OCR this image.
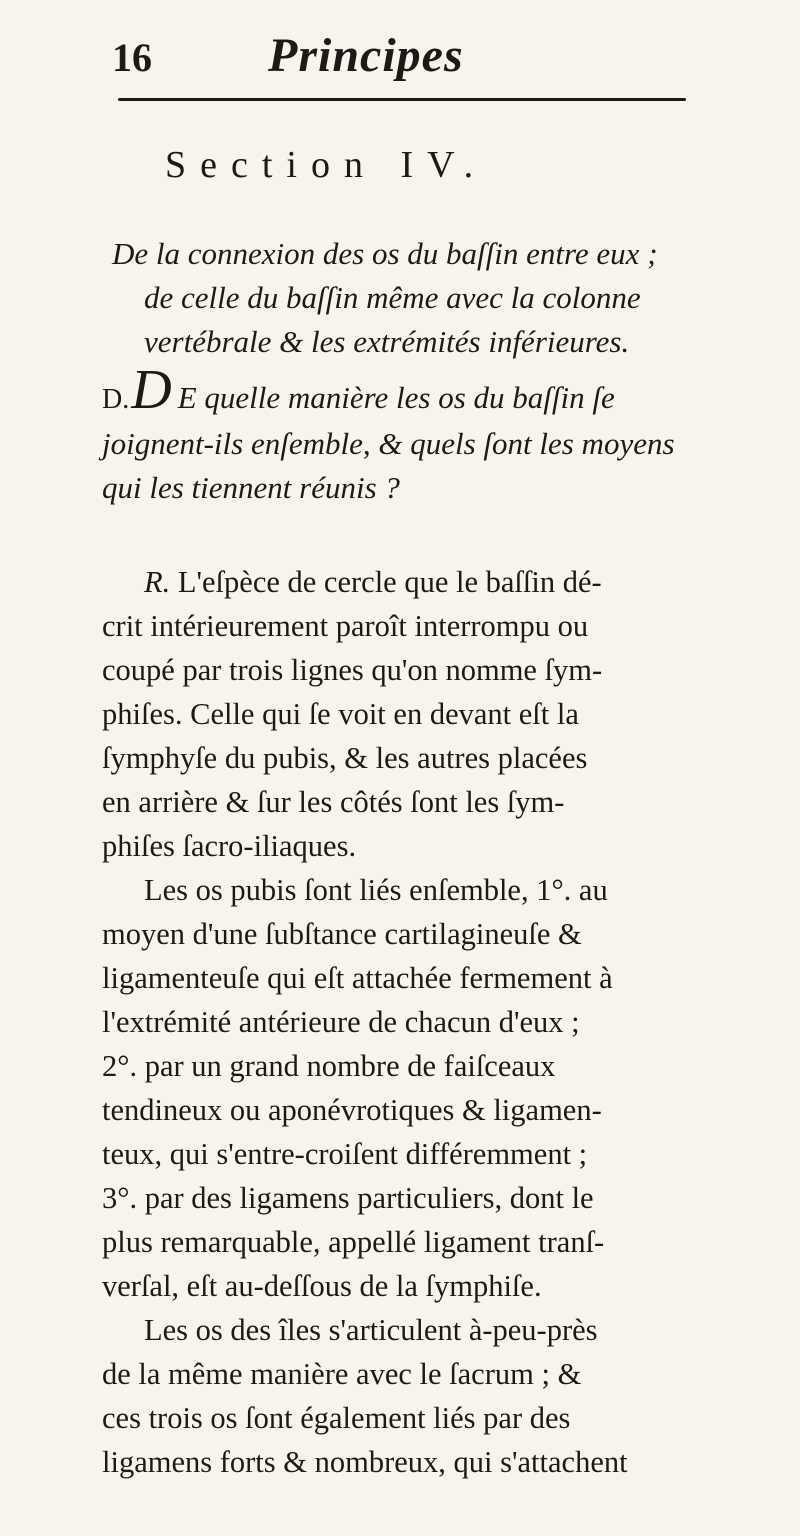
16 Principes
Section IV.
De la connexion des os du baſſin entre eux ;
de celle du baſſin même avec la colonne
vertébrale & les extrémités inférieures.
D.D E quelle manière les os du baſſin ſe
joignent-ils enſemble, & quels ſont les moyens
qui les tiennent réunis ?
R. L'eſpèce de cercle que le baſſin dé-
crit intérieurement paroît interrompu ou
coupé par trois lignes qu'on nomme ſym-
phiſes. Celle qui ſe voit en devant eſt la
ſymphyſe du pubis, & les autres placées
en arrière & ſur les côtés ſont les ſym-
phiſes ſacro-iliaques.
Les os pubis ſont liés enſemble, 1°. au
moyen d'une ſubſtance cartilagineuſe &
ligamenteuſe qui eſt attachée fermement à
l'extrémité antérieure de chacun d'eux ;
2°. par un grand nombre de faiſceaux
tendineux ou aponévrotiques & ligamen-
teux, qui s'entre-croiſent différemment ;
3°. par des ligamens particuliers, dont le
plus remarquable, appellé ligament tranſ-
verſal, eſt au-deſſous de la ſymphiſe.
Les os des îles s'articulent à-peu-près
de la même manière avec le ſacrum ; &
ces trois os ſont également liés par des
ligamens forts & nombreux, qui s'attachent
